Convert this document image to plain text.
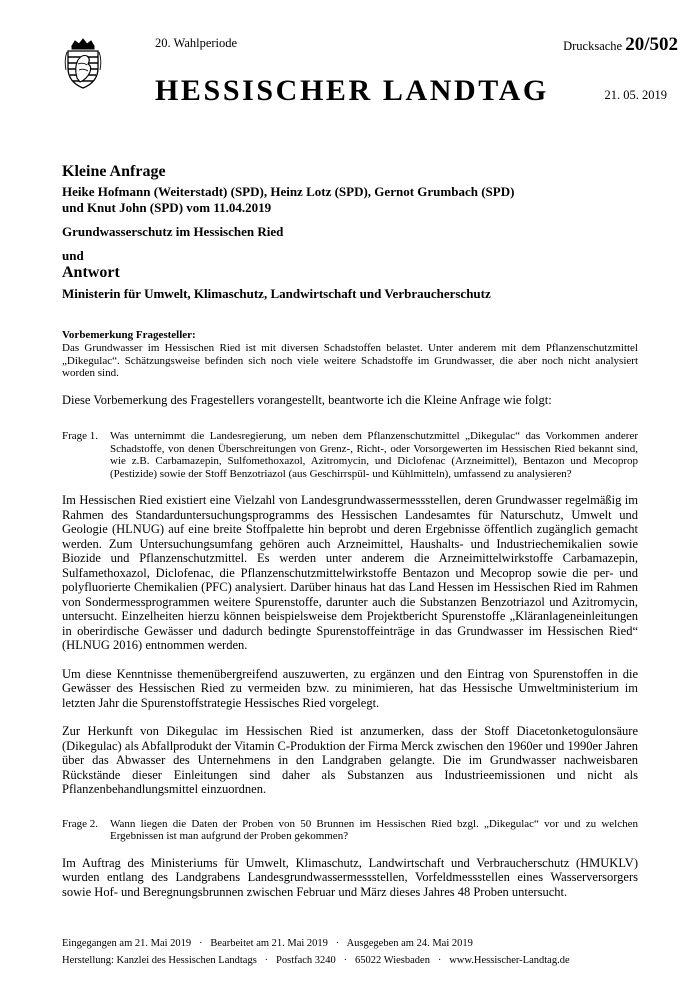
20. Wahlperiode	Drucksache 20/502
HESSISCHER LANDTAG	21. 05. 2019

Kleine Anfrage

Heike Hofmann (Weiterstadt) (SPD), Heinz Lotz (SPD), Gernot Grumbach (SPD)

und Knut John (SPD) vom 11.04.2019

Grundwasserschutz im Hessischen Ried

und

Antwort

Ministerin für Umwelt, Klimaschutz, Landwirtschaft und Verbraucherschutz

Vorbemerkung Fragesteller:

Das Grundwasser im Hessischen Ried ist mit diversen Schadstoffen belastet. Unter anderem mit dem Pflanzenschutzmittel „Dikegulac“. Schätzungsweise befinden sich noch viele weitere Schadstoffe im Grundwasser, die aber noch nicht analysiert worden sind.

Diese Vorbemerkung des Fragestellers vorangestellt, beantworte ich die Kleine Anfrage wie folgt:

Frage 1.	Was unternimmt die Landesregierung, um neben dem Pflanzenschutzmittel „Dikegulac“ das Vorkommen anderer Schadstoffe, von denen Überschreitungen von Grenz-, Richt-, oder Vorsorgewerten im Hessischen Ried bekannt sind, wie z.B. Carbamazepin, Sulfomethoxazol, Azitromycin, und Diclofenac (Arzneimittel), Bentazon und Mecoprop (Pestizide) sowie der Stoff Benzotriazol (aus Geschirrspül- und Kühlmitteln), umfassend zu analysieren?

Im Hessischen Ried existiert eine Vielzahl von Landesgrundwassermessstellen, deren Grundwasser regelmäßig im Rahmen des Standarduntersuchungsprogramms des Hessischen Landesamtes für Naturschutz, Umwelt und Geologie (HLNUG) auf eine breite Stoffpalette hin beprobt und deren Ergebnisse öffentlich zugänglich gemacht werden. Zum Untersuchungsumfang gehören auch Arzneimittel, Haushalts- und Industriechemikalien sowie Biozide und Pflanzenschutzmittel. Es werden unter anderem die Arzneimittelwirkstoffe Carbamazepin, Sulfamethoxazol, Diclofenac, die Pflanzenschutzmittelwirkstoffe Bentazon und Mecoprop sowie die per- und polyfluorierte Chemikalien (PFC) analysiert. Darüber hinaus hat das Land Hessen im Hessischen Ried im Rahmen von Sondermessprogrammen weitere Spurenstoffe, darunter auch die Substanzen Benzotriazol und Azitromycin, untersucht. Einzelheiten hierzu können beispielsweise dem Projektbericht Spurenstoffe „Kläranlageneinleitungen in oberirdische Gewässer und dadurch bedingte Spurenstoffeinträge in das Grundwasser im Hessischen Ried“ (HLNUG 2016) entnommen werden.

Um diese Kenntnisse themenübergreifend auszuwerten, zu ergänzen und den Eintrag von Spurenstoffen in die Gewässer des Hessischen Ried zu vermeiden bzw. zu minimieren, hat das Hessische Umweltministerium im letzten Jahr die Spurenstoffstrategie Hessisches Ried vorgelegt.

Zur Herkunft von Dikegulac im Hessischen Ried ist anzumerken, dass der Stoff Diacetonketogulonsäure (Dikegulac) als Abfallprodukt der Vitamin C-Produktion der Firma Merck zwischen den 1960er und 1990er Jahren über das Abwasser des Unternehmens in den Landgraben gelangte. Die im Grundwasser nachweisbaren Rückstände dieser Einleitungen sind daher als Substanzen aus Industrieemissionen und nicht als Pflanzenbehandlungsmittel einzuordnen.

Frage 2.	Wann liegen die Daten der Proben von 50 Brunnen im Hessischen Ried bzgl. „Dikegulac“ vor und zu welchen Ergebnissen ist man aufgrund der Proben gekommen?

Im Auftrag des Ministeriums für Umwelt, Klimaschutz, Landwirtschaft und Verbraucherschutz (HMUKLV) wurden entlang des Landgrabens Landesgrundwassermessstellen, Vorfeldmessstellen eines Wasserversorgers sowie Hof- und Beregnungsbrunnen zwischen Februar und März dieses Jahres 48 Proben untersucht.

Eingegangen am 21. Mai 2019   ·   Bearbeitet am 21. Mai 2019   ·   Ausgegeben am 24. Mai 2019
Herstellung: Kanzlei des Hessischen Landtags   ·   Postfach 3240   ·   65022 Wiesbaden   ·   www.Hessischer-Landtag.de
